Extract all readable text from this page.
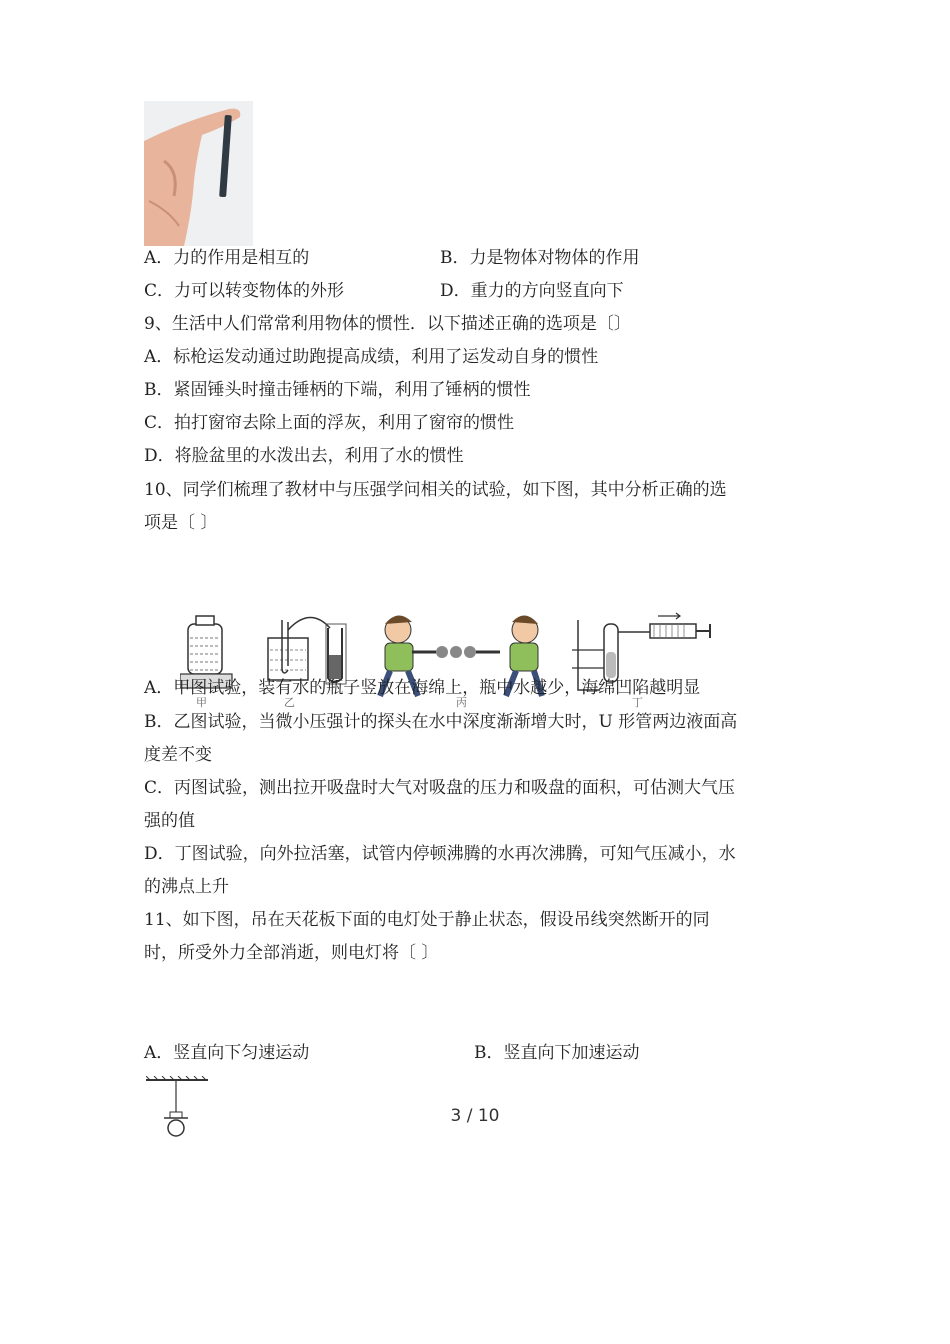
A．力的作用是相互的	B．力是物体对物体的作用
C．力可以转变物体的外形	D．重力的方向竖直向下
9、生活中人们常常利用物体的惯性．以下描述正确的选项是〔〕
A．标枪运发动通过助跑提高成绩，利用了运发动自身的惯性
B．紧固锤头时撞击锤柄的下端，利用了锤柄的惯性
C．拍打窗帘去除上面的浮灰，利用了窗帘的惯性
D．将脸盆里的水泼出去，利用了水的惯性
10、同学们梳理了教材中与压强学问相关的试验，如下图，其中分析正确的选
项是〔 〕
甲	乙	丙	丁
A．甲图试验，装有水的瓶子竖放在海绵上，瓶中水越少，海绵凹陷越明显
B．乙图试验，当微小压强计的探头在水中深度渐渐增大时，U 形管两边液面高
度差不变
C．丙图试验，测出拉开吸盘时大气对吸盘的压力和吸盘的面积，可估测大气压
强的值
D．丁图试验，向外拉活塞，试管内停顿沸腾的水再次沸腾，可知气压减小，水
的沸点上升
11、如下图，吊在天花板下面的电灯处于静止状态，假设吊线突然断开的同
时，所受外力全部消逝，则电灯将〔 〕
A．竖直向下匀速运动	B．竖直向下加速运动
3 / 10
